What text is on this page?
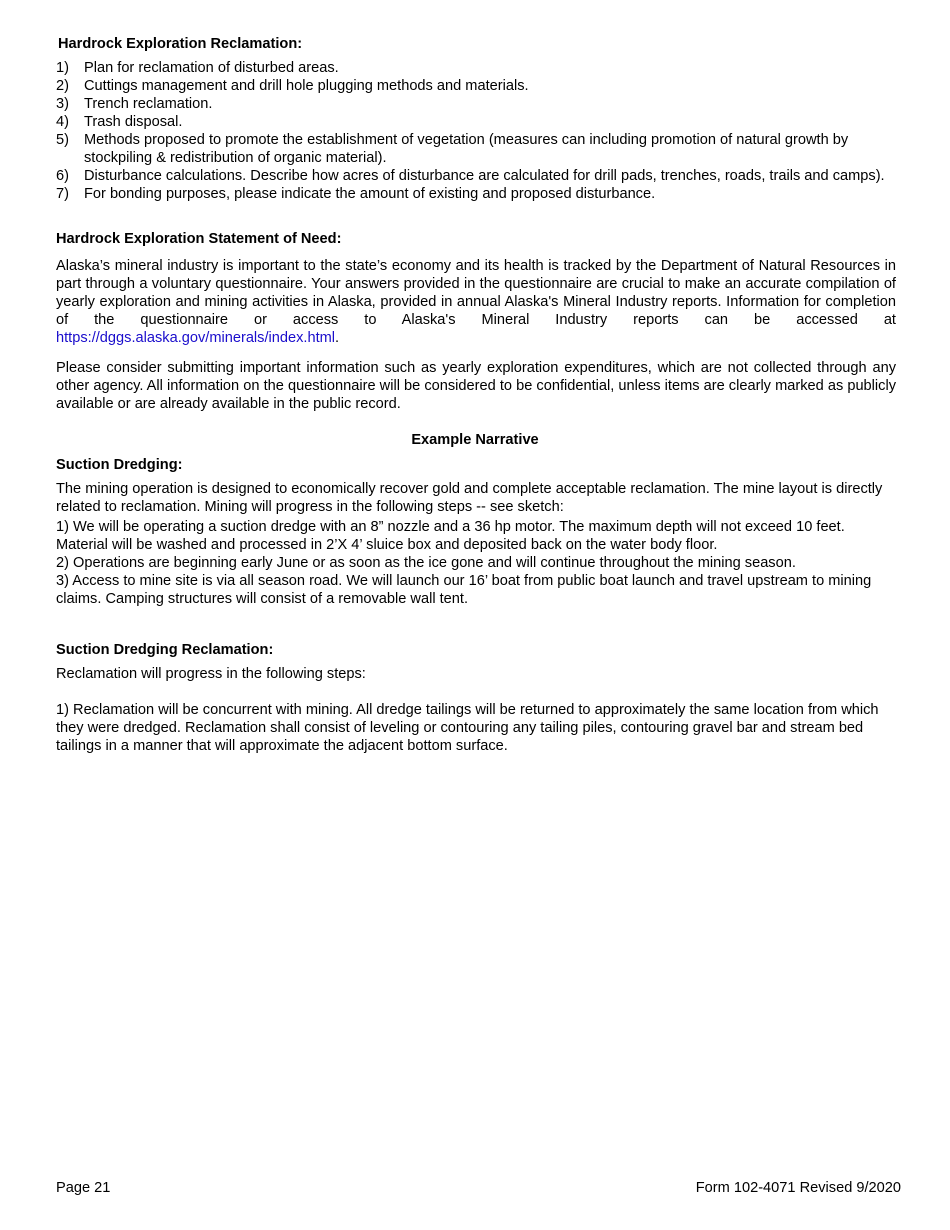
Hardrock Exploration Reclamation:
1)	Plan for reclamation of disturbed areas.
2)	Cuttings management and drill hole plugging methods and materials.
3)	Trench reclamation.
4)	Trash disposal.
5)	Methods proposed to promote the establishment of vegetation (measures can including promotion of natural growth by stockpiling & redistribution of organic material).
6)	Disturbance calculations. Describe how acres of disturbance are calculated for drill pads, trenches, roads, trails and camps).
7)	For bonding purposes, please indicate the amount of existing and proposed disturbance.
Hardrock Exploration Statement of Need:
Alaska’s mineral industry is important to the state’s economy and its health is tracked by the Department of Natural Resources in part through a voluntary questionnaire. Your answers provided in the questionnaire are crucial to make an accurate compilation of yearly exploration and mining activities in Alaska, provided in annual Alaska's Mineral Industry reports. Information for completion of the questionnaire or access to Alaska's Mineral Industry reports can be accessed at https://dggs.alaska.gov/minerals/index.html.
Please consider submitting important information such as yearly exploration expenditures, which are not collected through any other agency. All information on the questionnaire will be considered to be confidential, unless items are clearly marked as publicly available or are already available in the public record.
Example Narrative
Suction Dredging:
The mining operation is designed to economically recover gold and complete acceptable reclamation. The mine layout is directly related to reclamation. Mining will progress in the following steps -- see sketch:
1) We will be operating a suction dredge with an 8” nozzle and a 36 hp motor. The maximum depth will not exceed 10 feet. Material will be washed and processed in 2’X 4’ sluice box and deposited back on the water body floor.
2) Operations are beginning early June or as soon as the ice gone and will continue throughout the mining season.
3) Access to mine site is via all season road. We will launch our 16’ boat from public boat launch and travel upstream to mining claims. Camping structures will consist of a removable wall tent.
Suction Dredging Reclamation:
Reclamation will progress in the following steps:
1) Reclamation will be concurrent with mining. All dredge tailings will be returned to approximately the same location from which they were dredged. Reclamation shall consist of leveling or contouring any tailing piles, contouring gravel bar and stream bed tailings in a manner that will approximate the adjacent bottom surface.
Page 21	Form 102-4071 Revised 9/2020
